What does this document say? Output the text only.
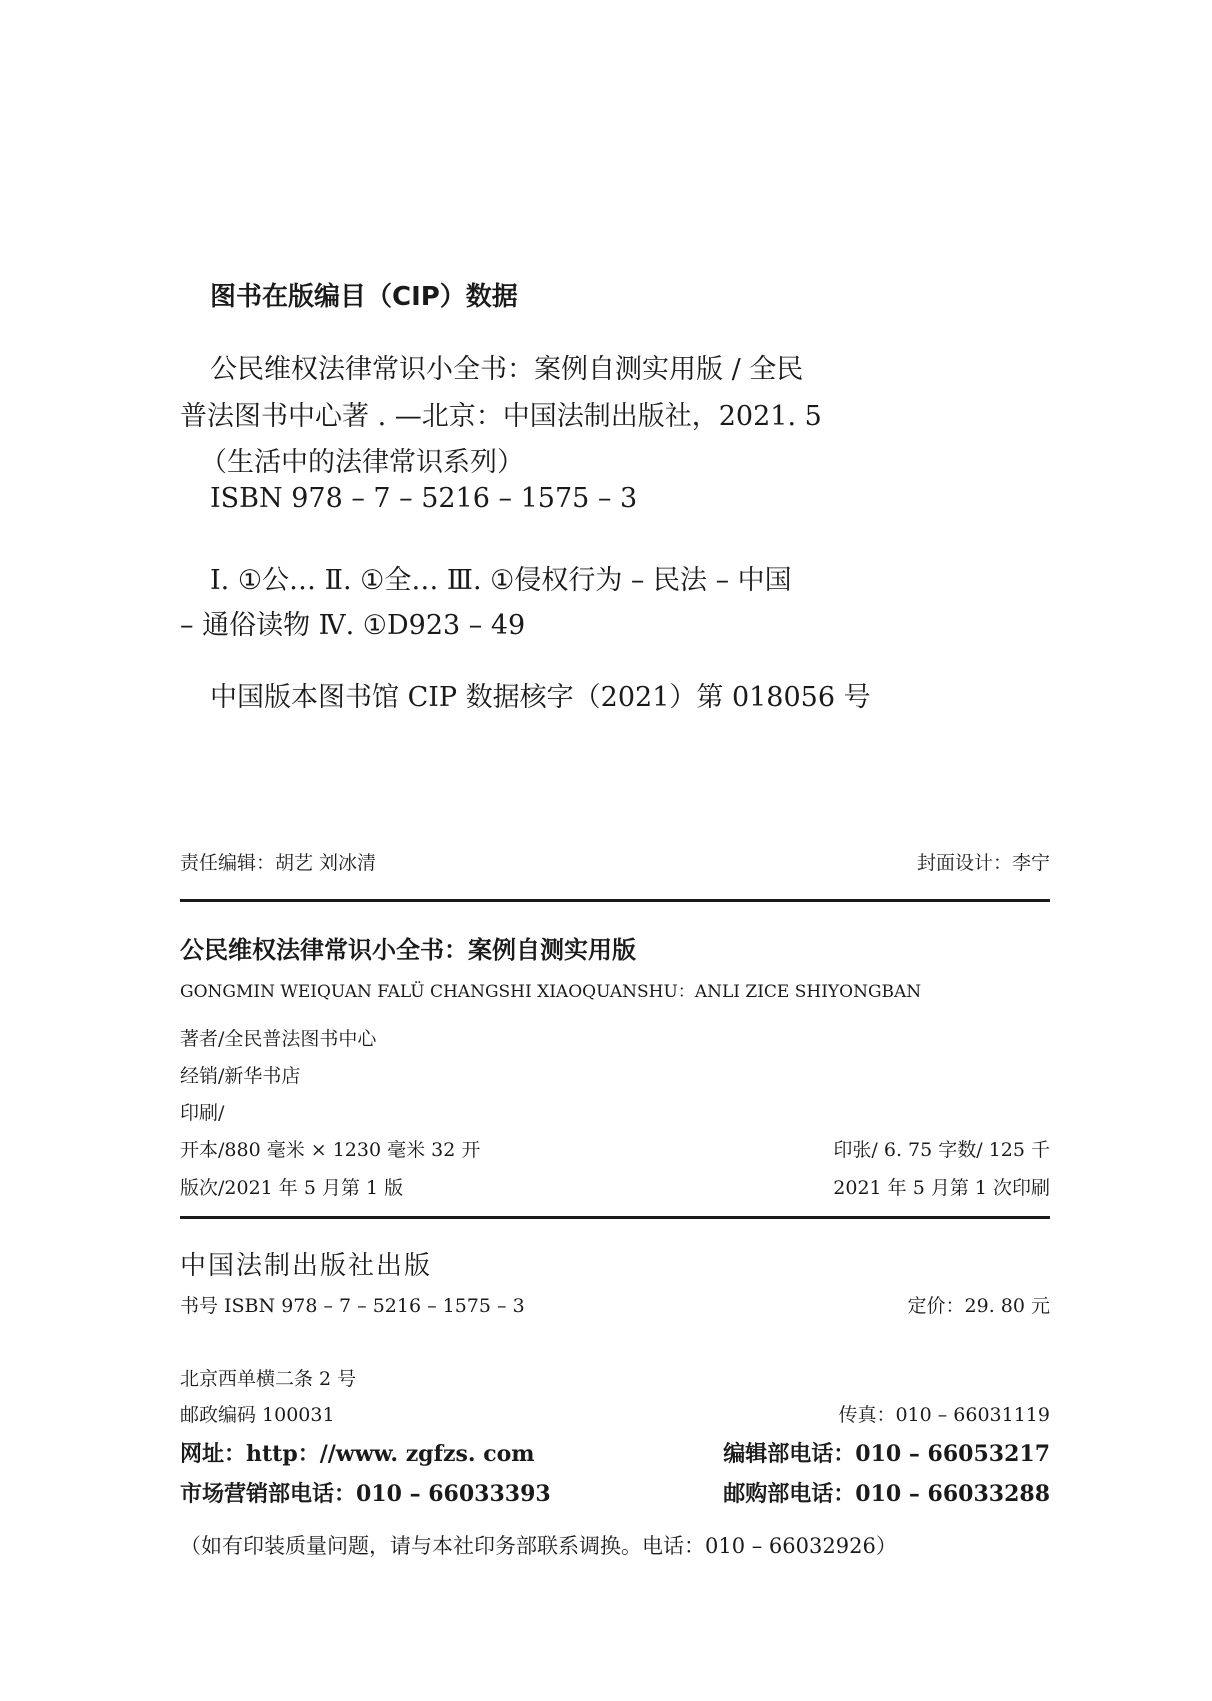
图书在版编目（CIP）数据
公民维权法律常识小全书：案例自测实用版 / 全民
普法图书中心著 . —北京：中国法制出版社，2021. 5
（生活中的法律常识系列）
ISBN 978 – 7 – 5216 – 1575 – 3
Ⅰ. ①公… Ⅱ. ①全… Ⅲ. ①侵权行为 – 民法 – 中国
– 通俗读物 Ⅳ. ①D923 – 49
中国版本图书馆 CIP 数据核字（2021）第 018056 号
责任编辑：胡艺 刘冰清	封面设计：李宁
公民维权法律常识小全书：案例自测实用版
GONGMIN WEIQUAN FALÜ CHANGSHI XIAOQUANSHU：ANLI ZICE SHIYONGBAN
著者/全民普法图书中心
经销/新华书店
印刷/
开本/880 毫米 × 1230 毫米 32 开	印张/ 6. 75 字数/ 125 千
版次/2021 年 5 月第 1 版	2021 年 5 月第 1 次印刷
中国法制出版社出版
书号 ISBN 978 – 7 – 5216 – 1575 – 3	定价：29. 80 元
北京西单横二条 2 号
邮政编码 100031	传真：010 – 66031119
网址：http：//www. zgfzs. com	编辑部电话：010 – 66053217
市场营销部电话：010 – 66033393	邮购部电话：010 – 66033288
（如有印装质量问题，请与本社印务部联系调换。电话：010 – 66032926）
